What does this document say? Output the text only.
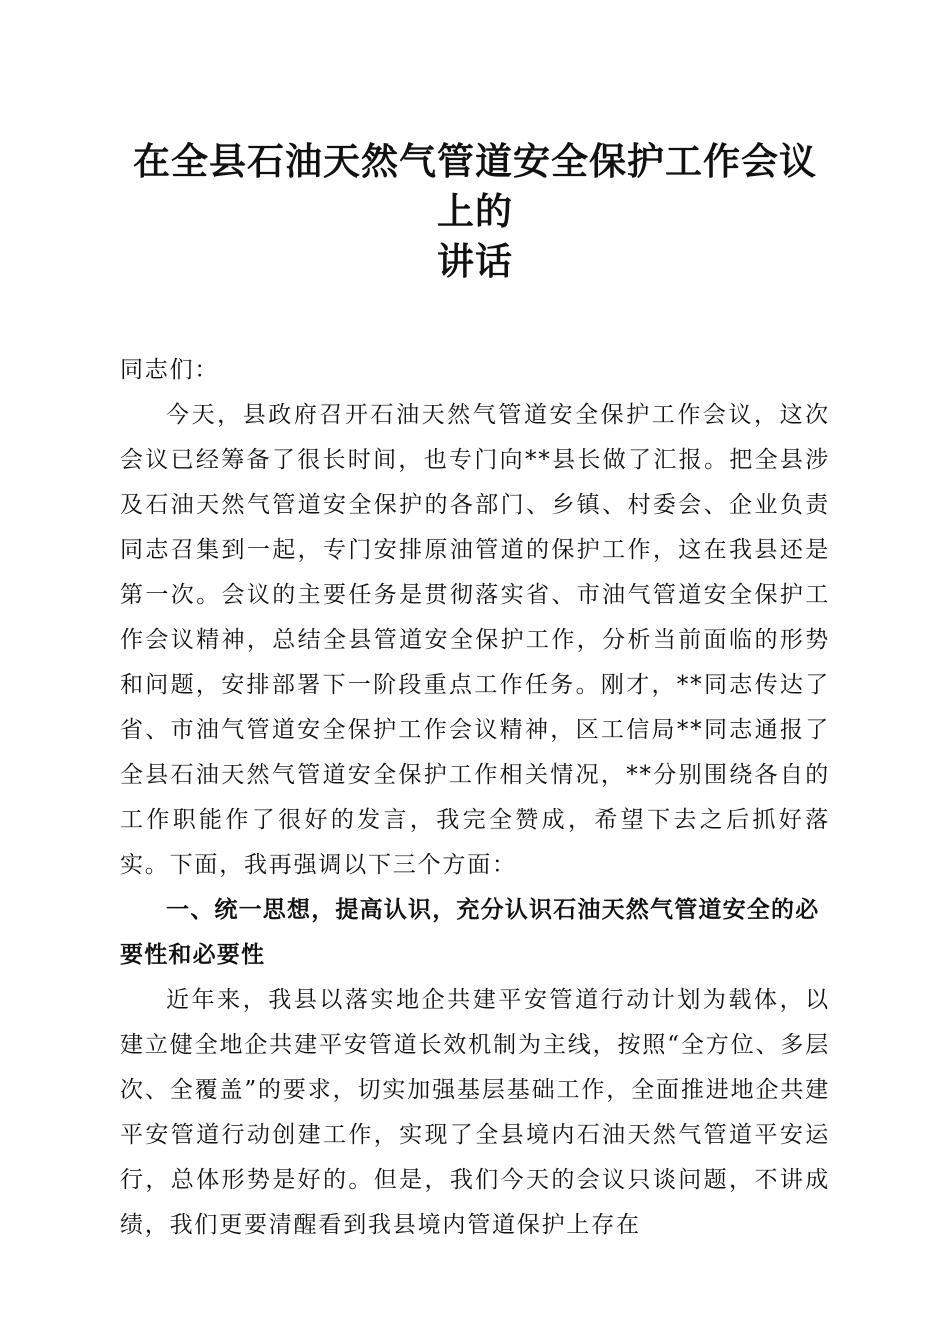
在全县石油天然气管道安全保护工作会议上的
讲话

同志们：

今天，县政府召开石油天然气管道安全保护工作会议，这次会议已经筹备了很长时间，也专门向**县长做了汇报。把全县涉及石油天然气管道安全保护的各部门、乡镇、村委会、企业负责同志召集到一起，专门安排原油管道的保护工作，这在我县还是第一次。会议的主要任务是贯彻落实省、市油气管道安全保护工作会议精神，总结全县管道安全保护工作，分析当前面临的形势和问题，安排部署下一阶段重点工作任务。刚才，**同志传达了省、市油气管道安全保护工作会议精神，区工信局**同志通报了全县石油天然气管道安全保护工作相关情况，**分别围绕各自的工作职能作了很好的发言，我完全赞成，希望下去之后抓好落实。下面，我再强调以下三个方面：

一、统一思想，提高认识，充分认识石油天然气管道安全的必要性和必要性

近年来，我县以落实地企共建平安管道行动计划为载体，以建立健全地企共建平安管道长效机制为主线，按照“全方位、多层次、全覆盖”的要求，切实加强基层基础工作，全面推进地企共建平安管道行动创建工作，实现了全县境内石油天然气管道平安运行，总体形势是好的。但是，我们今天的会议只谈问题，不讲成绩，我们更要清醒看到我县境内管道保护上存在
